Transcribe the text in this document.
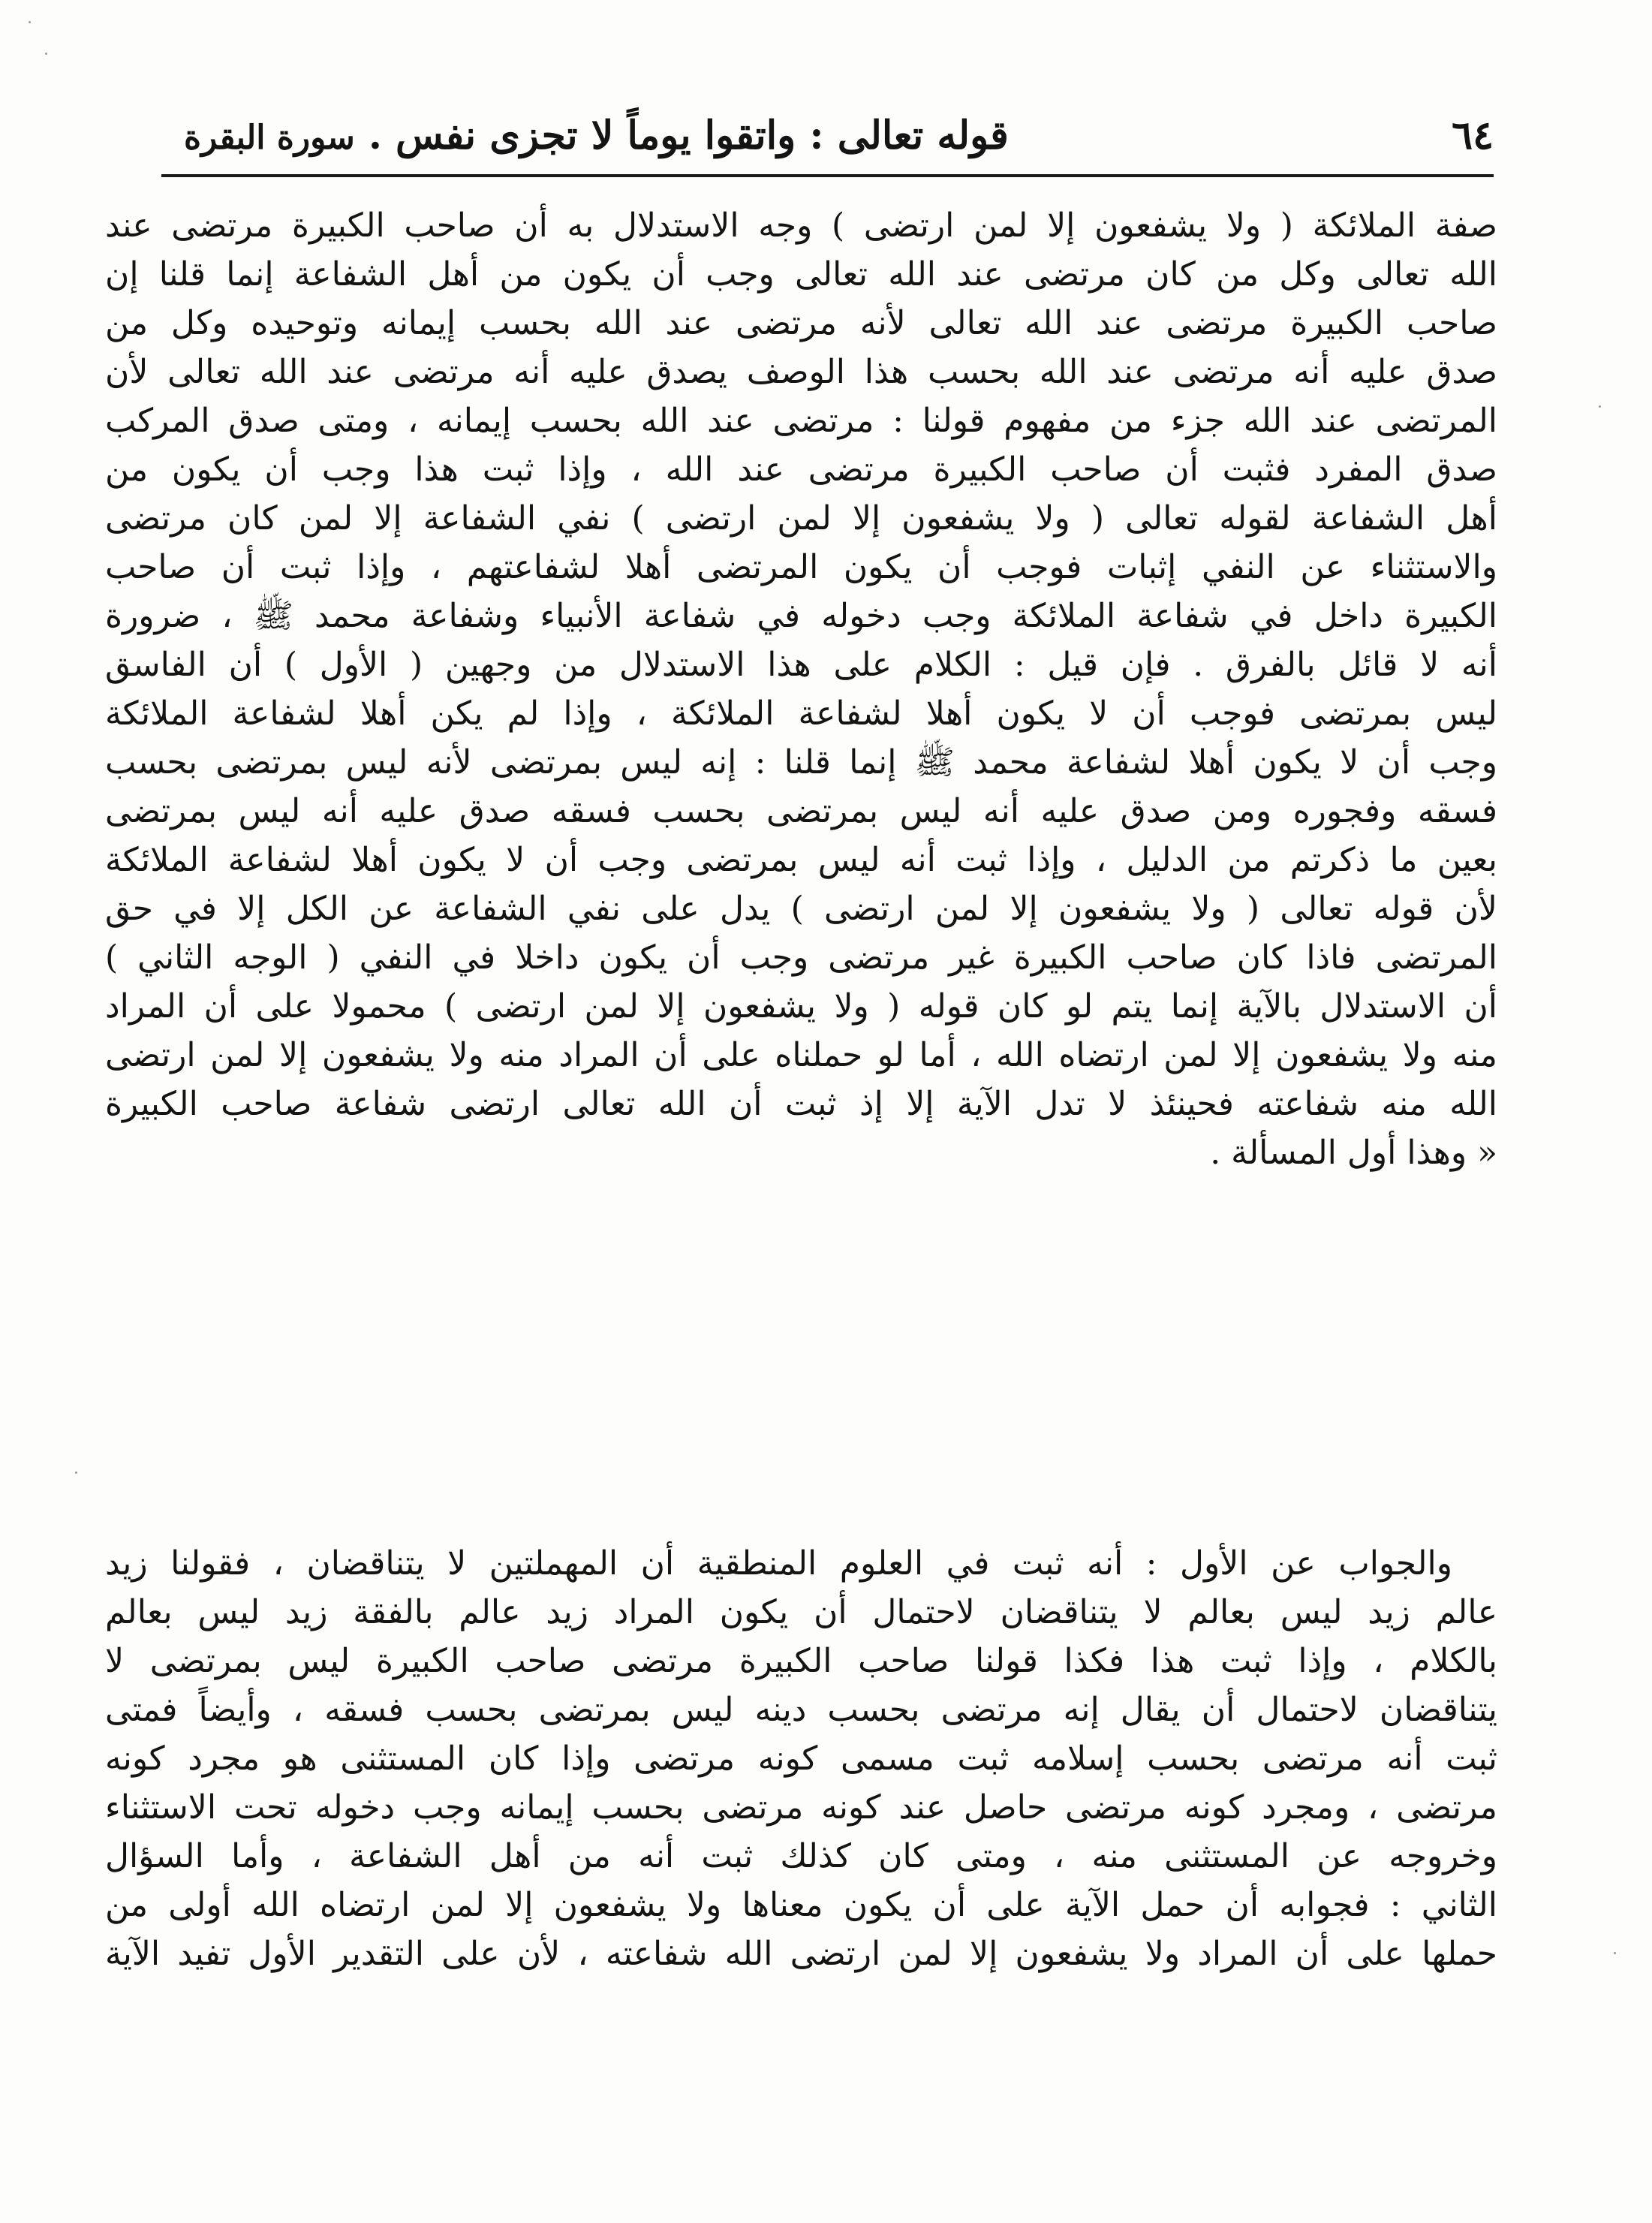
٦٤
قوله تعالى : واتقوا يوماً لا تجزى نفس . سورة البقرة
صفة الملائكة ( ولا يشفعون إلا لمن ارتضى ) وجه الاستدلال به أن صاحب الكبيرة مرتضى عند
الله تعالى وكل من كان مرتضى عند الله تعالى وجب أن يكون من أهل الشفاعة إنما قلنا إن
صاحب الكبيرة مرتضى عند الله تعالى لأنه مرتضى عند الله بحسب إيمانه وتوحيده وكل من
صدق عليه أنه مرتضى عند الله بحسب هذا الوصف يصدق عليه أنه مرتضى عند الله تعالى لأن
المرتضى عند الله جزء من مفهوم قولنا : مرتضى عند الله بحسب إيمانه ، ومتى صدق المركب
صدق المفرد فثبت أن صاحب الكبيرة مرتضى عند الله ، وإذا ثبت هذا وجب أن يكون من
أهل الشفاعة لقوله تعالى ( ولا يشفعون إلا لمن ارتضى ) نفي الشفاعة إلا لمن كان مرتضى
والاستثناء عن النفي إثبات فوجب أن يكون المرتضى أهلا لشفاعتهم ، وإذا ثبت أن صاحب
الكبيرة داخل في شفاعة الملائكة وجب دخوله في شفاعة الأنبياء وشفاعة محمد ﷺ ، ضرورة
أنه لا قائل بالفرق . فإن قيل : الكلام على هذا الاستدلال من وجهين ( الأول ) أن الفاسق
ليس بمرتضى فوجب أن لا يكون أهلا لشفاعة الملائكة ، وإذا لم يكن أهلا لشفاعة الملائكة
وجب أن لا يكون أهلا لشفاعة محمد ﷺ إنما قلنا : إنه ليس بمرتضى لأنه ليس بمرتضى بحسب
فسقه وفجوره ومن صدق عليه أنه ليس بمرتضى بحسب فسقه صدق عليه أنه ليس بمرتضى
بعين ما ذكرتم من الدليل ، وإذا ثبت أنه ليس بمرتضى وجب أن لا يكون أهلا لشفاعة الملائكة
لأن قوله تعالى ( ولا يشفعون إلا لمن ارتضى ) يدل على نفي الشفاعة عن الكل إلا في حق
المرتضى فاذا كان صاحب الكبيرة غير مرتضى وجب أن يكون داخلا في النفي ( الوجه الثاني )
أن الاستدلال بالآية إنما يتم لو كان قوله ( ولا يشفعون إلا لمن ارتضى ) محمولا على أن المراد
منه ولا يشفعون إلا لمن ارتضاه الله ، أما لو حملناه على أن المراد منه ولا يشفعون إلا لمن ارتضى
الله منه شفاعته فحينئذ لا تدل الآية إلا إذ ثبت أن الله تعالى ارتضى شفاعة صاحب الكبيرة
« وهذا أول المسألة .
والجواب عن الأول : أنه ثبت في العلوم المنطقية أن المهملتين لا يتناقضان ، فقولنا زيد
عالم زيد ليس بعالم لا يتناقضان لاحتمال أن يكون المراد زيد عالم بالفقة زيد ليس بعالم
بالكلام ، وإذا ثبت هذا فكذا قولنا صاحب الكبيرة مرتضى صاحب الكبيرة ليس بمرتضى لا
يتناقضان لاحتمال أن يقال إنه مرتضى بحسب دينه ليس بمرتضى بحسب فسقه ، وأيضاً فمتى
ثبت أنه مرتضى بحسب إسلامه ثبت مسمى كونه مرتضى وإذا كان المستثنى هو مجرد كونه
مرتضى ، ومجرد كونه مرتضى حاصل عند كونه مرتضى بحسب إيمانه وجب دخوله تحت الاستثناء
وخروجه عن المستثنى منه ، ومتى كان كذلك ثبت أنه من أهل الشفاعة ، وأما السؤال
الثاني : فجوابه أن حمل الآية على أن يكون معناها ولا يشفعون إلا لمن ارتضاه الله أولى من
حملها على أن المراد ولا يشفعون إلا لمن ارتضى الله شفاعته ، لأن على التقدير الأول تفيد الآية
